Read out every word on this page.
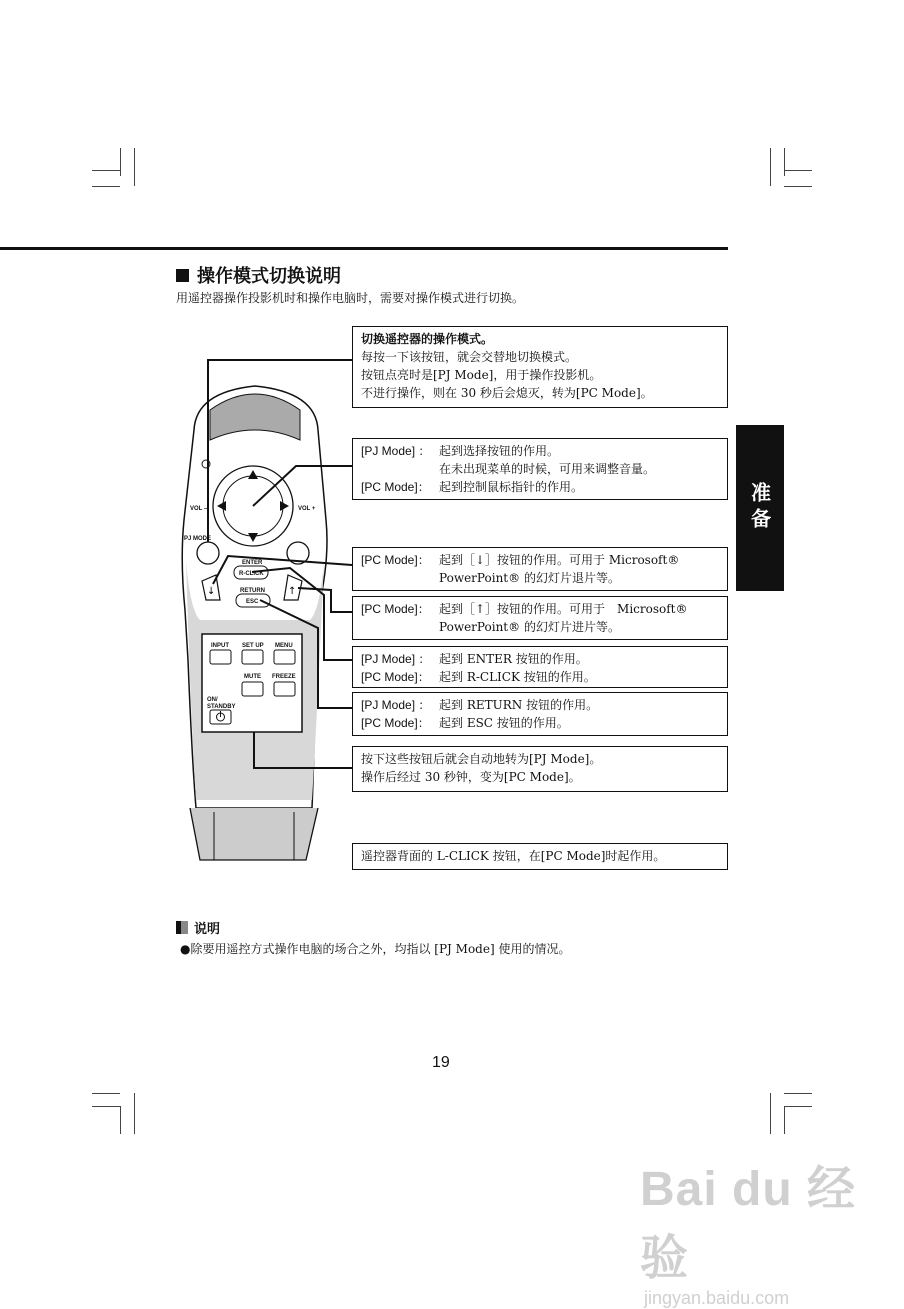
操作模式切换说明
用遥控器操作投影机时和操作电脑时，需要对操作模式进行切换。
准备
VOL –	VOL +
PJ MODE
ENTER
R-CLICK
RETURN
ESC
↓	↑
INPUT SET UP MENU
MUTE FREEZE
ON/
STANDBY
切换遥控器的操作模式。
每按一下该按钮，就会交替地切换模式。
按钮点亮时是[PJ Mode]，用于操作投影机。
不进行操作，则在 30 秒后会熄灭，转为[PC Mode]。
[PJ Mode] ： 起到选择按钮的作用。
在未出现菜单的时候，可用来调整音量。
[PC Mode]： 起到控制鼠标指针的作用。
[PC Mode]： 起到［↓］按钮的作用。可用于 Microsoft®
PowerPoint® 的幻灯片退片等。
[PC Mode]： 起到［↑］按钮的作用。可用于　Microsoft®
PowerPoint® 的幻灯片进片等。
[PJ Mode] ： 起到 ENTER 按钮的作用。
[PC Mode]： 起到 R-CLICK 按钮的作用。
[PJ Mode] ： 起到 RETURN 按钮的作用。
[PC Mode]： 起到 ESC 按钮的作用。
按下这些按钮后就会自动地转为[PJ Mode]。
操作后经过 30 秒钟，变为[PC Mode]。
遥控器背面的 L-CLICK 按钮，在[PC Mode]时起作用。
说明
●除要用遥控方式操作电脑的场合之外，均指以 [PJ Mode] 使用的情况。
19
Bai du 经验
jingyan.baidu.com
